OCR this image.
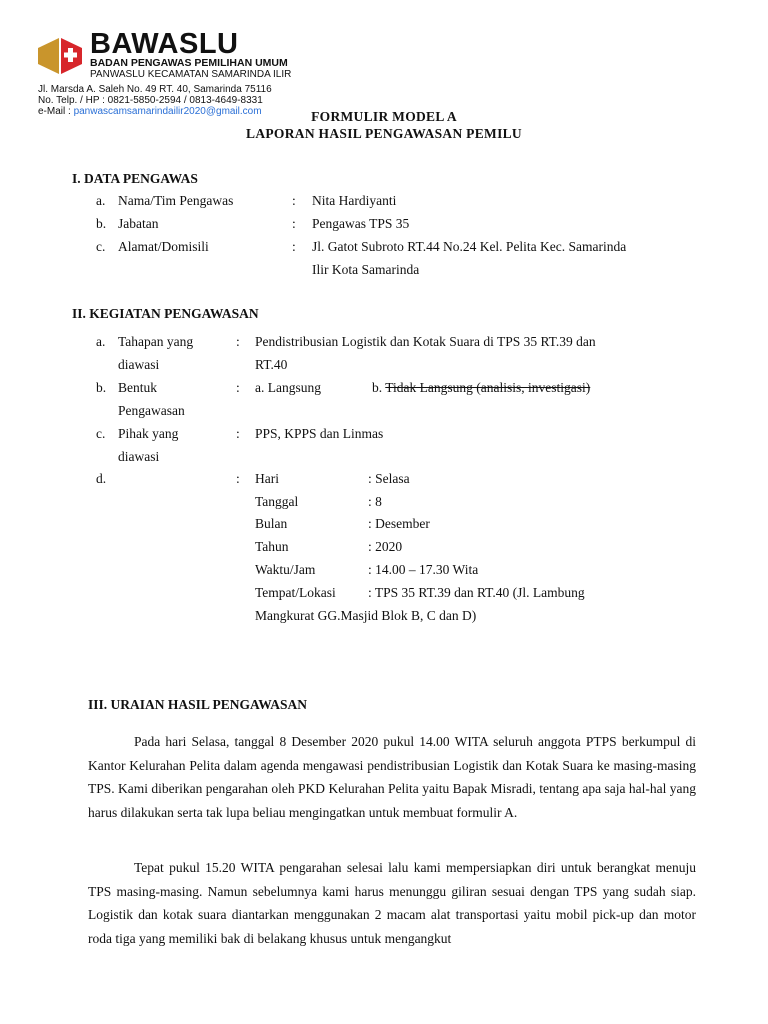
BAWASLU
BADAN PENGAWAS PEMILIHAN UMUM
PANWASLU KECAMATAN SAMARINDA ILIR
Jl. Marsda A. Saleh No. 49 RT. 40, Samarinda 75116
No. Telp. / HP : 0821-5850-2594 / 0813-4649-8331
e-Mail : panwascamsamarindailir2020@gmail.com	FORMULIR MODEL A
LAPORAN HASIL PENGAWASAN PEMILU
I. DATA PENGAWAS
a. Nama/Tim Pengawas	: Nita Hardiyanti
b. Jabatan	: Pengawas TPS 35
c. Alamat/Domisili	: Jl. Gatot Subroto RT.44 No.24 Kel. Pelita Kec. Samarinda
Ilir Kota Samarinda
II. KEGIATAN PENGAWASAN
a. Tahapan yang
diawasi
: Pendistribusian Logistik dan Kotak Suara di TPS 35 RT.39 dan
RT.40
b. Bentuk
Pengawasan
: a. Langsung	b. Tidak Langsung (analisis, investigasi)
c. Pihak yang
diawasi
: PPS, KPPS dan Linmas
d.	: Hari	: Selasa
Tanggal	: 8
Bulan	: Desember
Tahun	: 2020
Waktu/Jam	: 14.00 – 17.30 Wita
Tempat/Lokasi : TPS 35 RT.39 dan RT.40 (Jl. Lambung
Mangkurat GG.Masjid Blok B, C dan D)
III. URAIAN HASIL PENGAWASAN

Pada hari Selasa, tanggal 8 Desember 2020 pukul 14.00 WITA seluruh anggota PTPS berkumpul di Kantor Kelurahan Pelita dalam agenda mengawasi pendistribusian Logistik dan Kotak Suara ke masing-masing TPS. Kami diberikan pengarahan oleh PKD Kelurahan Pelita yaitu Bapak Misradi, tentang apa saja hal-hal yang harus dilakukan serta tak lupa beliau mengingatkan untuk membuat formulir A.

Tepat pukul 15.20 WITA pengarahan selesai lalu kami mempersiapkan diri untuk berangkat menuju TPS masing-masing. Namun sebelumnya kami harus menunggu giliran sesuai dengan TPS yang sudah siap. Logistik dan kotak suara diantarkan menggunakan 2 macam alat transportasi yaitu mobil pick-up dan motor roda tiga yang memiliki bak di belakang khusus untuk mengangkut
